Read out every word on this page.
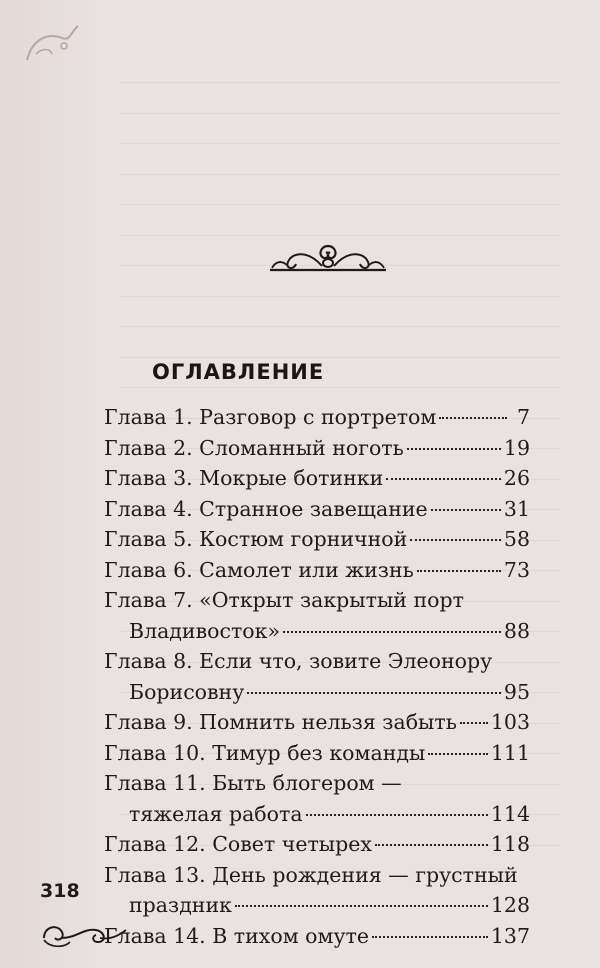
ОГЛАВЛЕНИЕ
Глава 1. Разговор с портретом	7
Глава 2. Сломанный ноготь	19
Глава 3. Мокрые ботинки	26
Глава 4. Странное завещание	31
Глава 5. Костюм горничной	58
Глава 6. Самолет или жизнь	73
Глава 7. «Открыт закрытый порт
Владивосток»	88
Глава 8. Если что, зовите Элеонору
Борисовну	95
Глава 9. Помнить нельзя забыть 103
Глава 10. Тимур без команды	111
Глава 11. Быть блогером —
тяжелая работа	114
Глава 12. Совет четырех	118
Глава 13. День рождения — грустный
праздник	128
Глава 14. В тихом омуте	137
318
